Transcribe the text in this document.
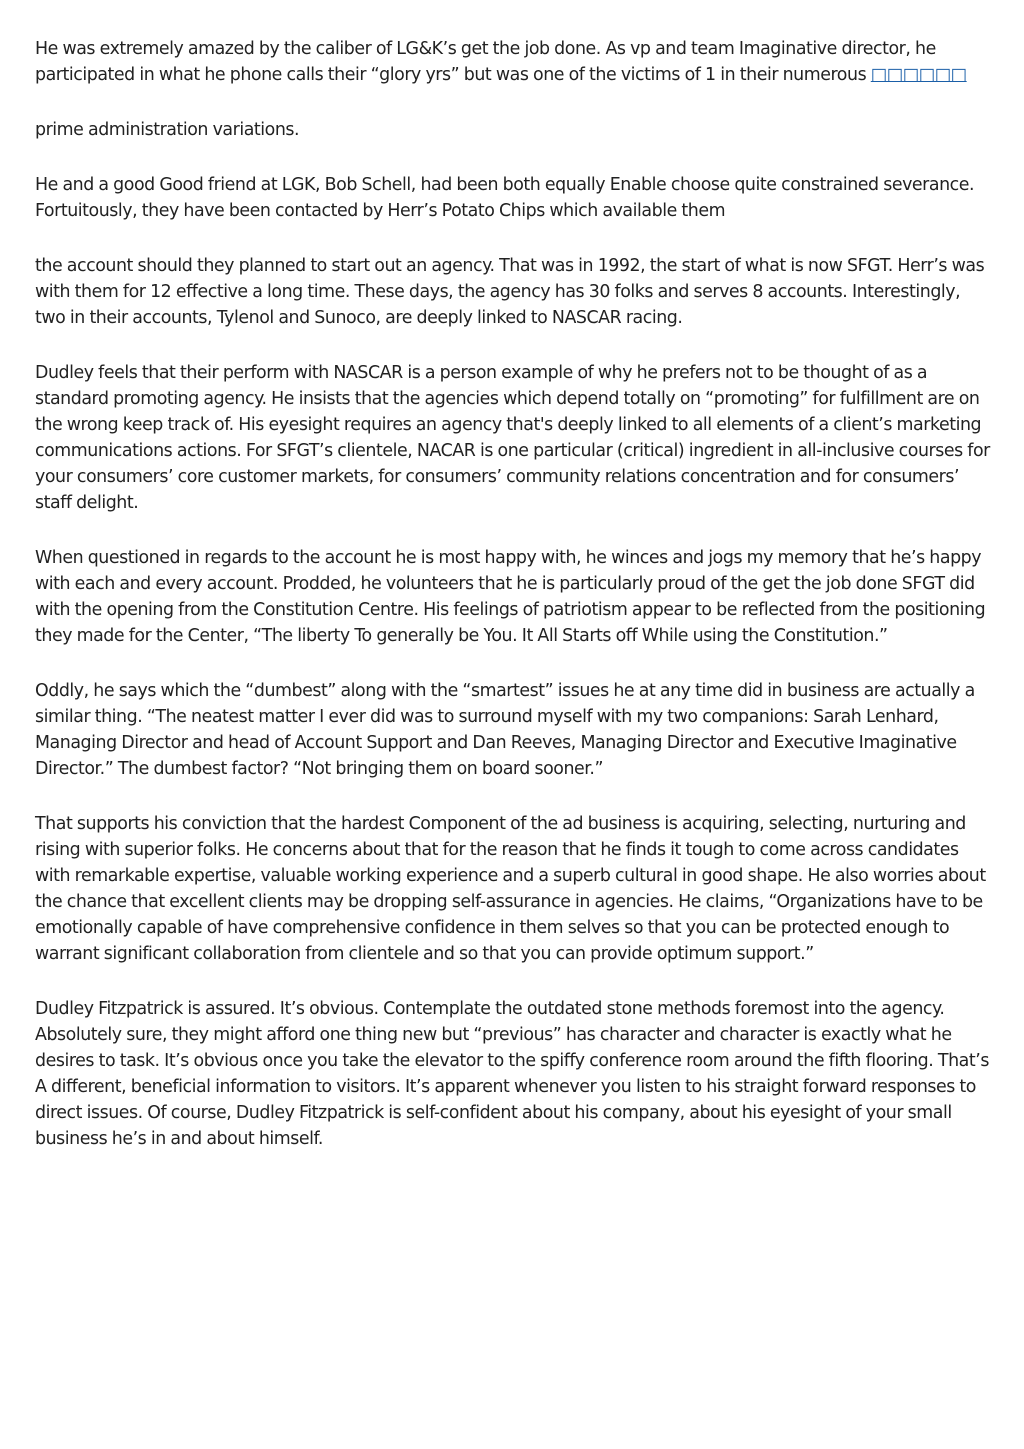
He was extremely amazed by the caliber of LG&K’s get the job done. As vp and team Imaginative director, he participated in what he phone calls their “glory yrs” but was one of the victims of 1 in their numerous □□□□□□

prime administration variations.

He and a good Good friend at LGK, Bob Schell, had been both equally Enable choose quite constrained severance. Fortuitously, they have been contacted by Herr’s Potato Chips which available them

the account should they planned to start out an agency. That was in 1992, the start of what is now SFGT. Herr’s was with them for 12 effective a long time. These days, the agency has 30 folks and serves 8 accounts. Interestingly, two in their accounts, Tylenol and Sunoco, are deeply linked to NASCAR racing.

Dudley feels that their perform with NASCAR is a person example of why he prefers not to be thought of as a standard promoting agency. He insists that the agencies which depend totally on “promoting” for fulfillment are on the wrong keep track of. His eyesight requires an agency that's deeply linked to all elements of a client’s marketing communications actions. For SFGT’s clientele, NACAR is one particular (critical) ingredient in all-inclusive courses for your consumers’ core customer markets, for consumers’ community relations concentration and for consumers’ staff delight.

When questioned in regards to the account he is most happy with, he winces and jogs my memory that he’s happy with each and every account. Prodded, he volunteers that he is particularly proud of the get the job done SFGT did with the opening from the Constitution Centre. His feelings of patriotism appear to be reflected from the positioning they made for the Center, “The liberty To generally be You. It All Starts off While using the Constitution.”

Oddly, he says which the “dumbest” along with the “smartest” issues he at any time did in business are actually a similar thing. “The neatest matter I ever did was to surround myself with my two companions: Sarah Lenhard, Managing Director and head of Account Support and Dan Reeves, Managing Director and Executive Imaginative Director.” The dumbest factor? “Not bringing them on board sooner.”

That supports his conviction that the hardest Component of the ad business is acquiring, selecting, nurturing and rising with superior folks. He concerns about that for the reason that he finds it tough to come across candidates with remarkable expertise, valuable working experience and a superb cultural in good shape. He also worries about the chance that excellent clients may be dropping self-assurance in agencies. He claims, “Organizations have to be emotionally capable of have comprehensive confidence in them selves so that you can be protected enough to warrant significant collaboration from clientele and so that you can provide optimum support.”

Dudley Fitzpatrick is assured. It’s obvious. Contemplate the outdated stone methods foremost into the agency. Absolutely sure, they might afford one thing new but “previous” has character and character is exactly what he desires to task. It’s obvious once you take the elevator to the spiffy conference room around the fifth flooring. That’s A different, beneficial information to visitors. It’s apparent whenever you listen to his straight forward responses to direct issues. Of course, Dudley Fitzpatrick is self-confident about his company, about his eyesight of your small business he’s in and about himself.
